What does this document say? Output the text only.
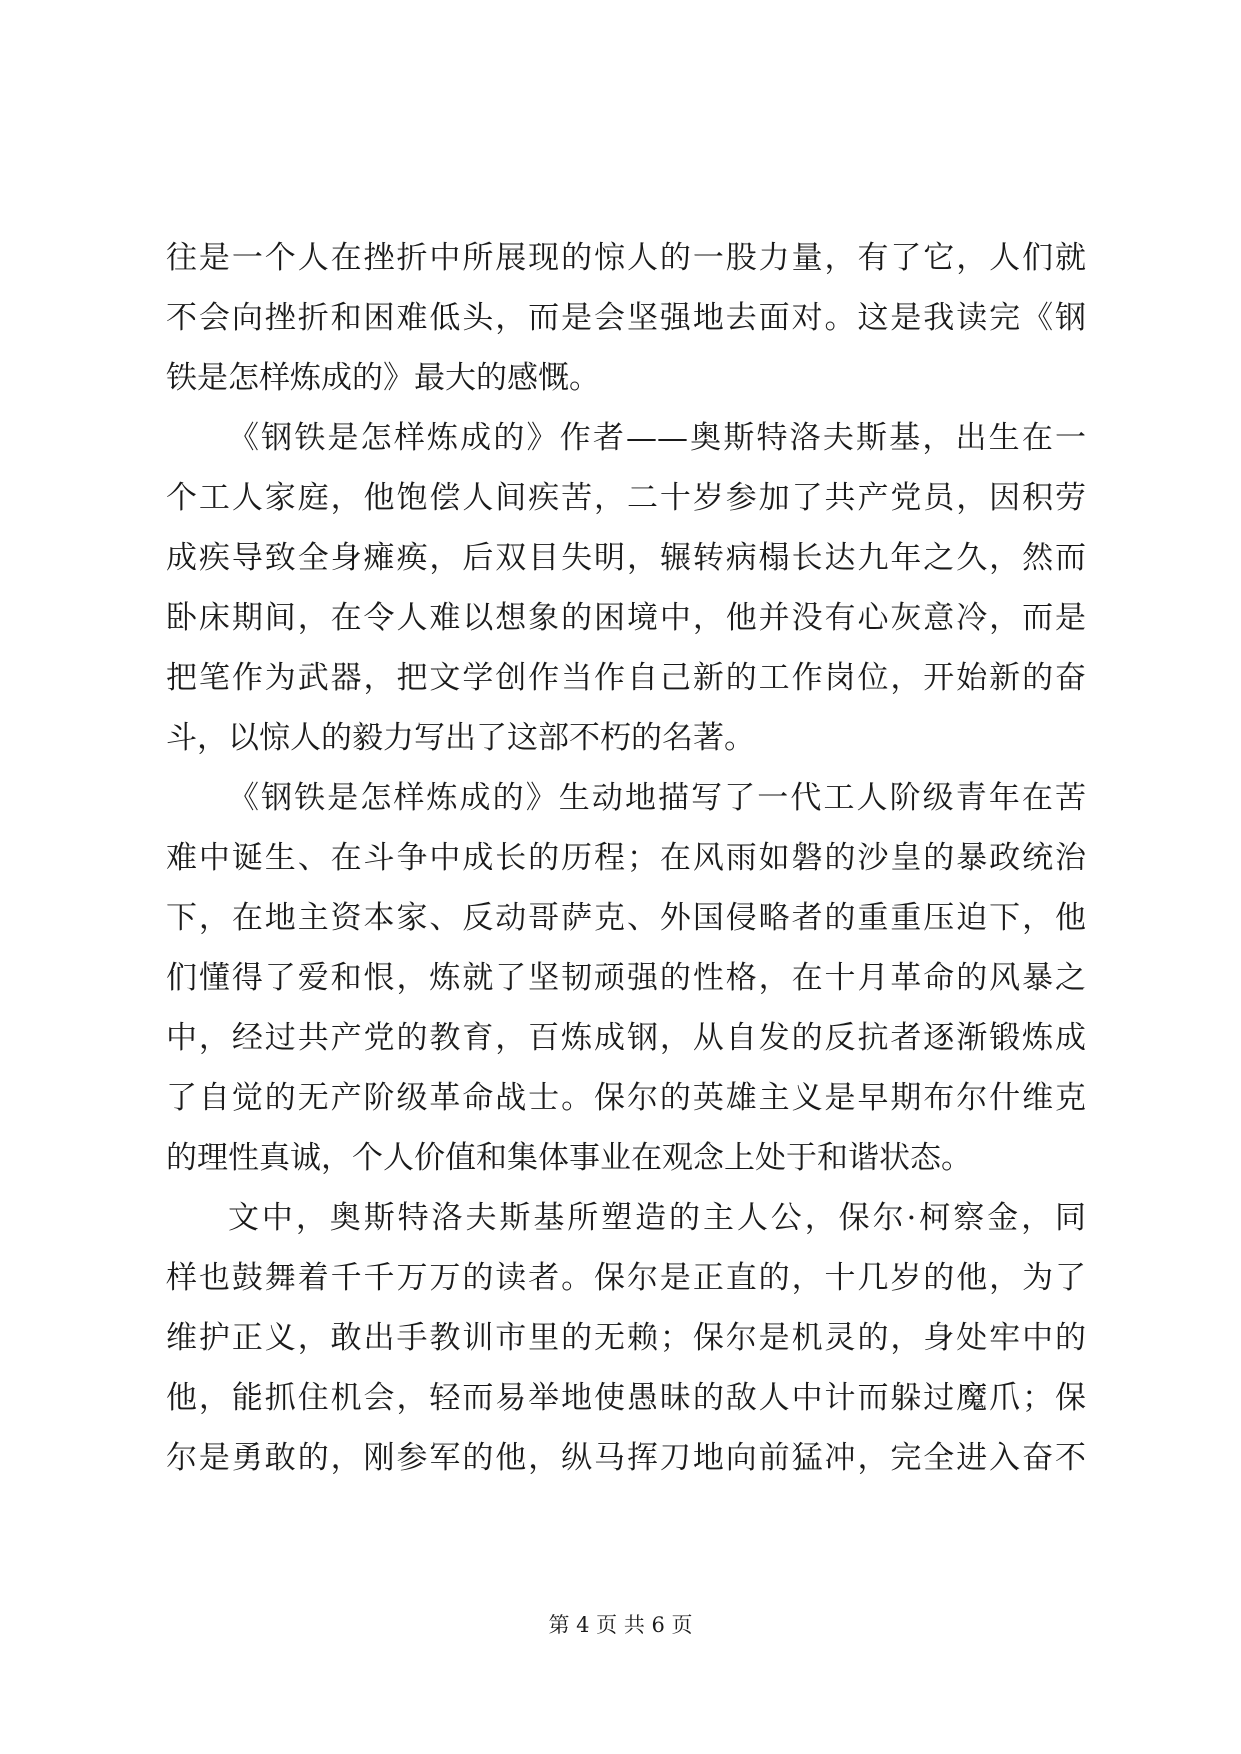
往是一个人在挫折中所展现的惊人的一股力量，有了它，人们就
不会向挫折和困难低头，而是会坚强地去面对。这是我读完《钢
铁是怎样炼成的》最大的感慨。
《钢铁是怎样炼成的》作者——奥斯特洛夫斯基，出生在一
个工人家庭，他饱偿人间疾苦，二十岁参加了共产党员，因积劳
成疾导致全身瘫痪，后双目失明，辗转病榻长达九年之久，然而
卧床期间，在令人难以想象的困境中，他并没有心灰意冷，而是
把笔作为武器，把文学创作当作自己新的工作岗位，开始新的奋
斗，以惊人的毅力写出了这部不朽的名著。
《钢铁是怎样炼成的》生动地描写了一代工人阶级青年在苦
难中诞生、在斗争中成长的历程；在风雨如磐的沙皇的暴政统治
下，在地主资本家、反动哥萨克、外国侵略者的重重压迫下，他
们懂得了爱和恨，炼就了坚韧顽强的性格，在十月革命的风暴之
中，经过共产党的教育，百炼成钢，从自发的反抗者逐渐锻炼成
了自觉的无产阶级革命战士。保尔的英雄主义是早期布尔什维克
的理性真诚，个人价值和集体事业在观念上处于和谐状态。
文中，奥斯特洛夫斯基所塑造的主人公，保尔·柯察金，同
样也鼓舞着千千万万的读者。保尔是正直的，十几岁的他，为了
维护正义，敢出手教训市里的无赖；保尔是机灵的，身处牢中的
他，能抓住机会，轻而易举地使愚昧的敌人中计而躲过魔爪；保
尔是勇敢的，刚参军的他，纵马挥刀地向前猛冲，完全进入奋不
第 4 页 共 6 页
